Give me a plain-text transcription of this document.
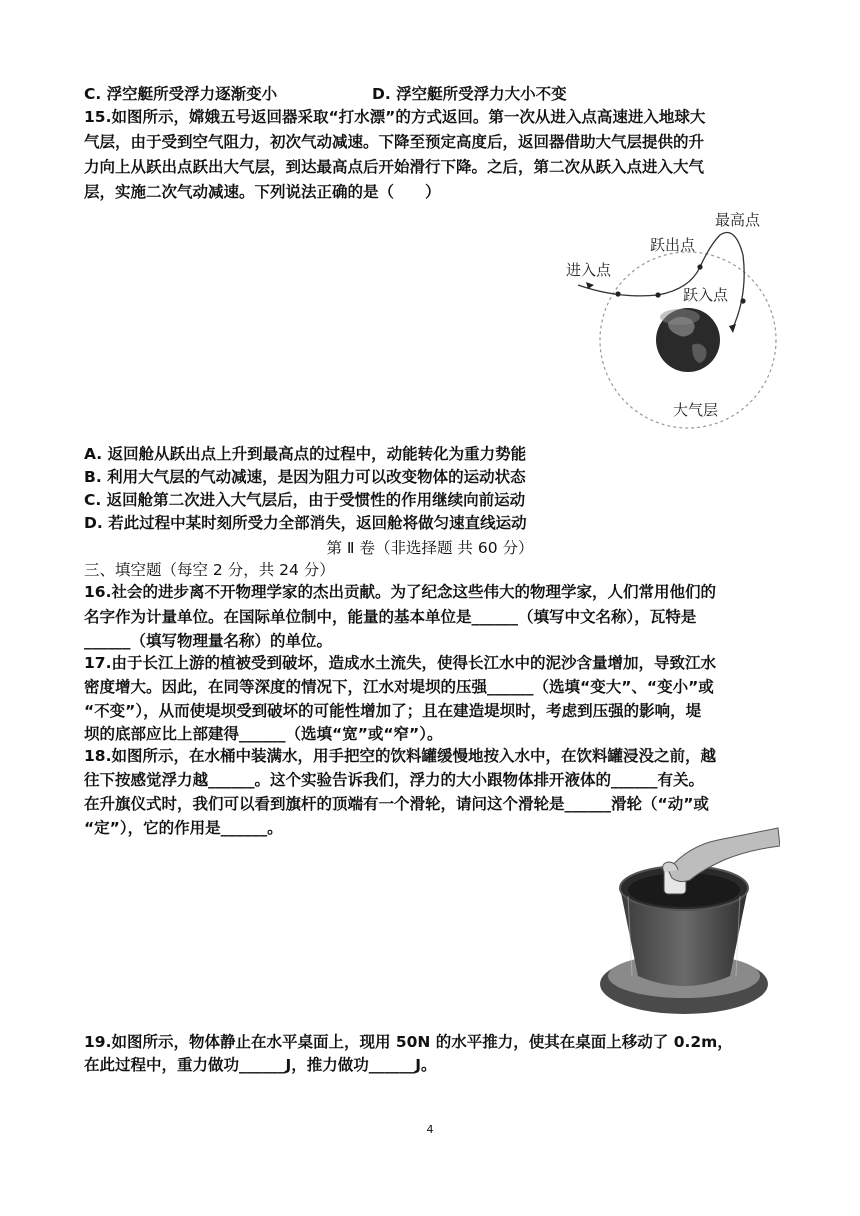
C. 浮空艇所受浮力逐渐变小	D. 浮空艇所受浮力大小不变
15.如图所示，嫦娥五号返回器采取“打水漂”的方式返回。第一次从进入点高速进入地球大
气层，由于受到空气阻力，初次气动减速。下降至预定高度后，返回器借助大气层提供的升
力向上从跃出点跃出大气层，到达最高点后开始滑行下降。之后，第二次从跃入点进入大气
层，实施二次气动减速。下列说法正确的是（　　）
最高点
跃出点
进入点
跃入点
大气层
A. 返回舱从跃出点上升到最高点的过程中，动能转化为重力势能
B. 利用大气层的气动减速，是因为阻力可以改变物体的运动状态
C. 返回舱第二次进入大气层后，由于受惯性的作用继续向前运动
D. 若此过程中某时刻所受力全部消失，返回舱将做匀速直线运动
第 Ⅱ 卷（非选择题 共 60 分）
三、填空题（每空 2 分，共 24 分）
16.社会的进步离不开物理学家的杰出贡献。为了纪念这些伟大的物理学家，人们常用他们的
名字作为计量单位。在国际单位制中，能量的基本单位是______（填写中文名称），瓦特是
______（填写物理量名称）的单位。
17.由于长江上游的植被受到破坏，造成水土流失，使得长江水中的泥沙含量增加，导致江水
密度增大。因此，在同等深度的情况下，江水对堤坝的压强______（选填“变大”、“变小”或
“不变”），从而使堤坝受到破坏的可能性增加了；且在建造堤坝时，考虑到压强的影响，堤
坝的底部应比上部建得______（选填“宽”或“窄”）。
18.如图所示，在水桶中装满水，用手把空的饮料罐缓慢地按入水中，在饮料罐浸没之前，越
往下按感觉浮力越______。这个实验告诉我们，浮力的大小跟物体排开液体的______有关。
在升旗仪式时，我们可以看到旗杆的顶端有一个滑轮，请问这个滑轮是______滑轮（“动”或
“定”），它的作用是______。
19.如图所示，物体静止在水平桌面上，现用 50N 的水平推力，使其在桌面上移动了 0.2m，
在此过程中，重力做功______J，推力做功______J。
4
